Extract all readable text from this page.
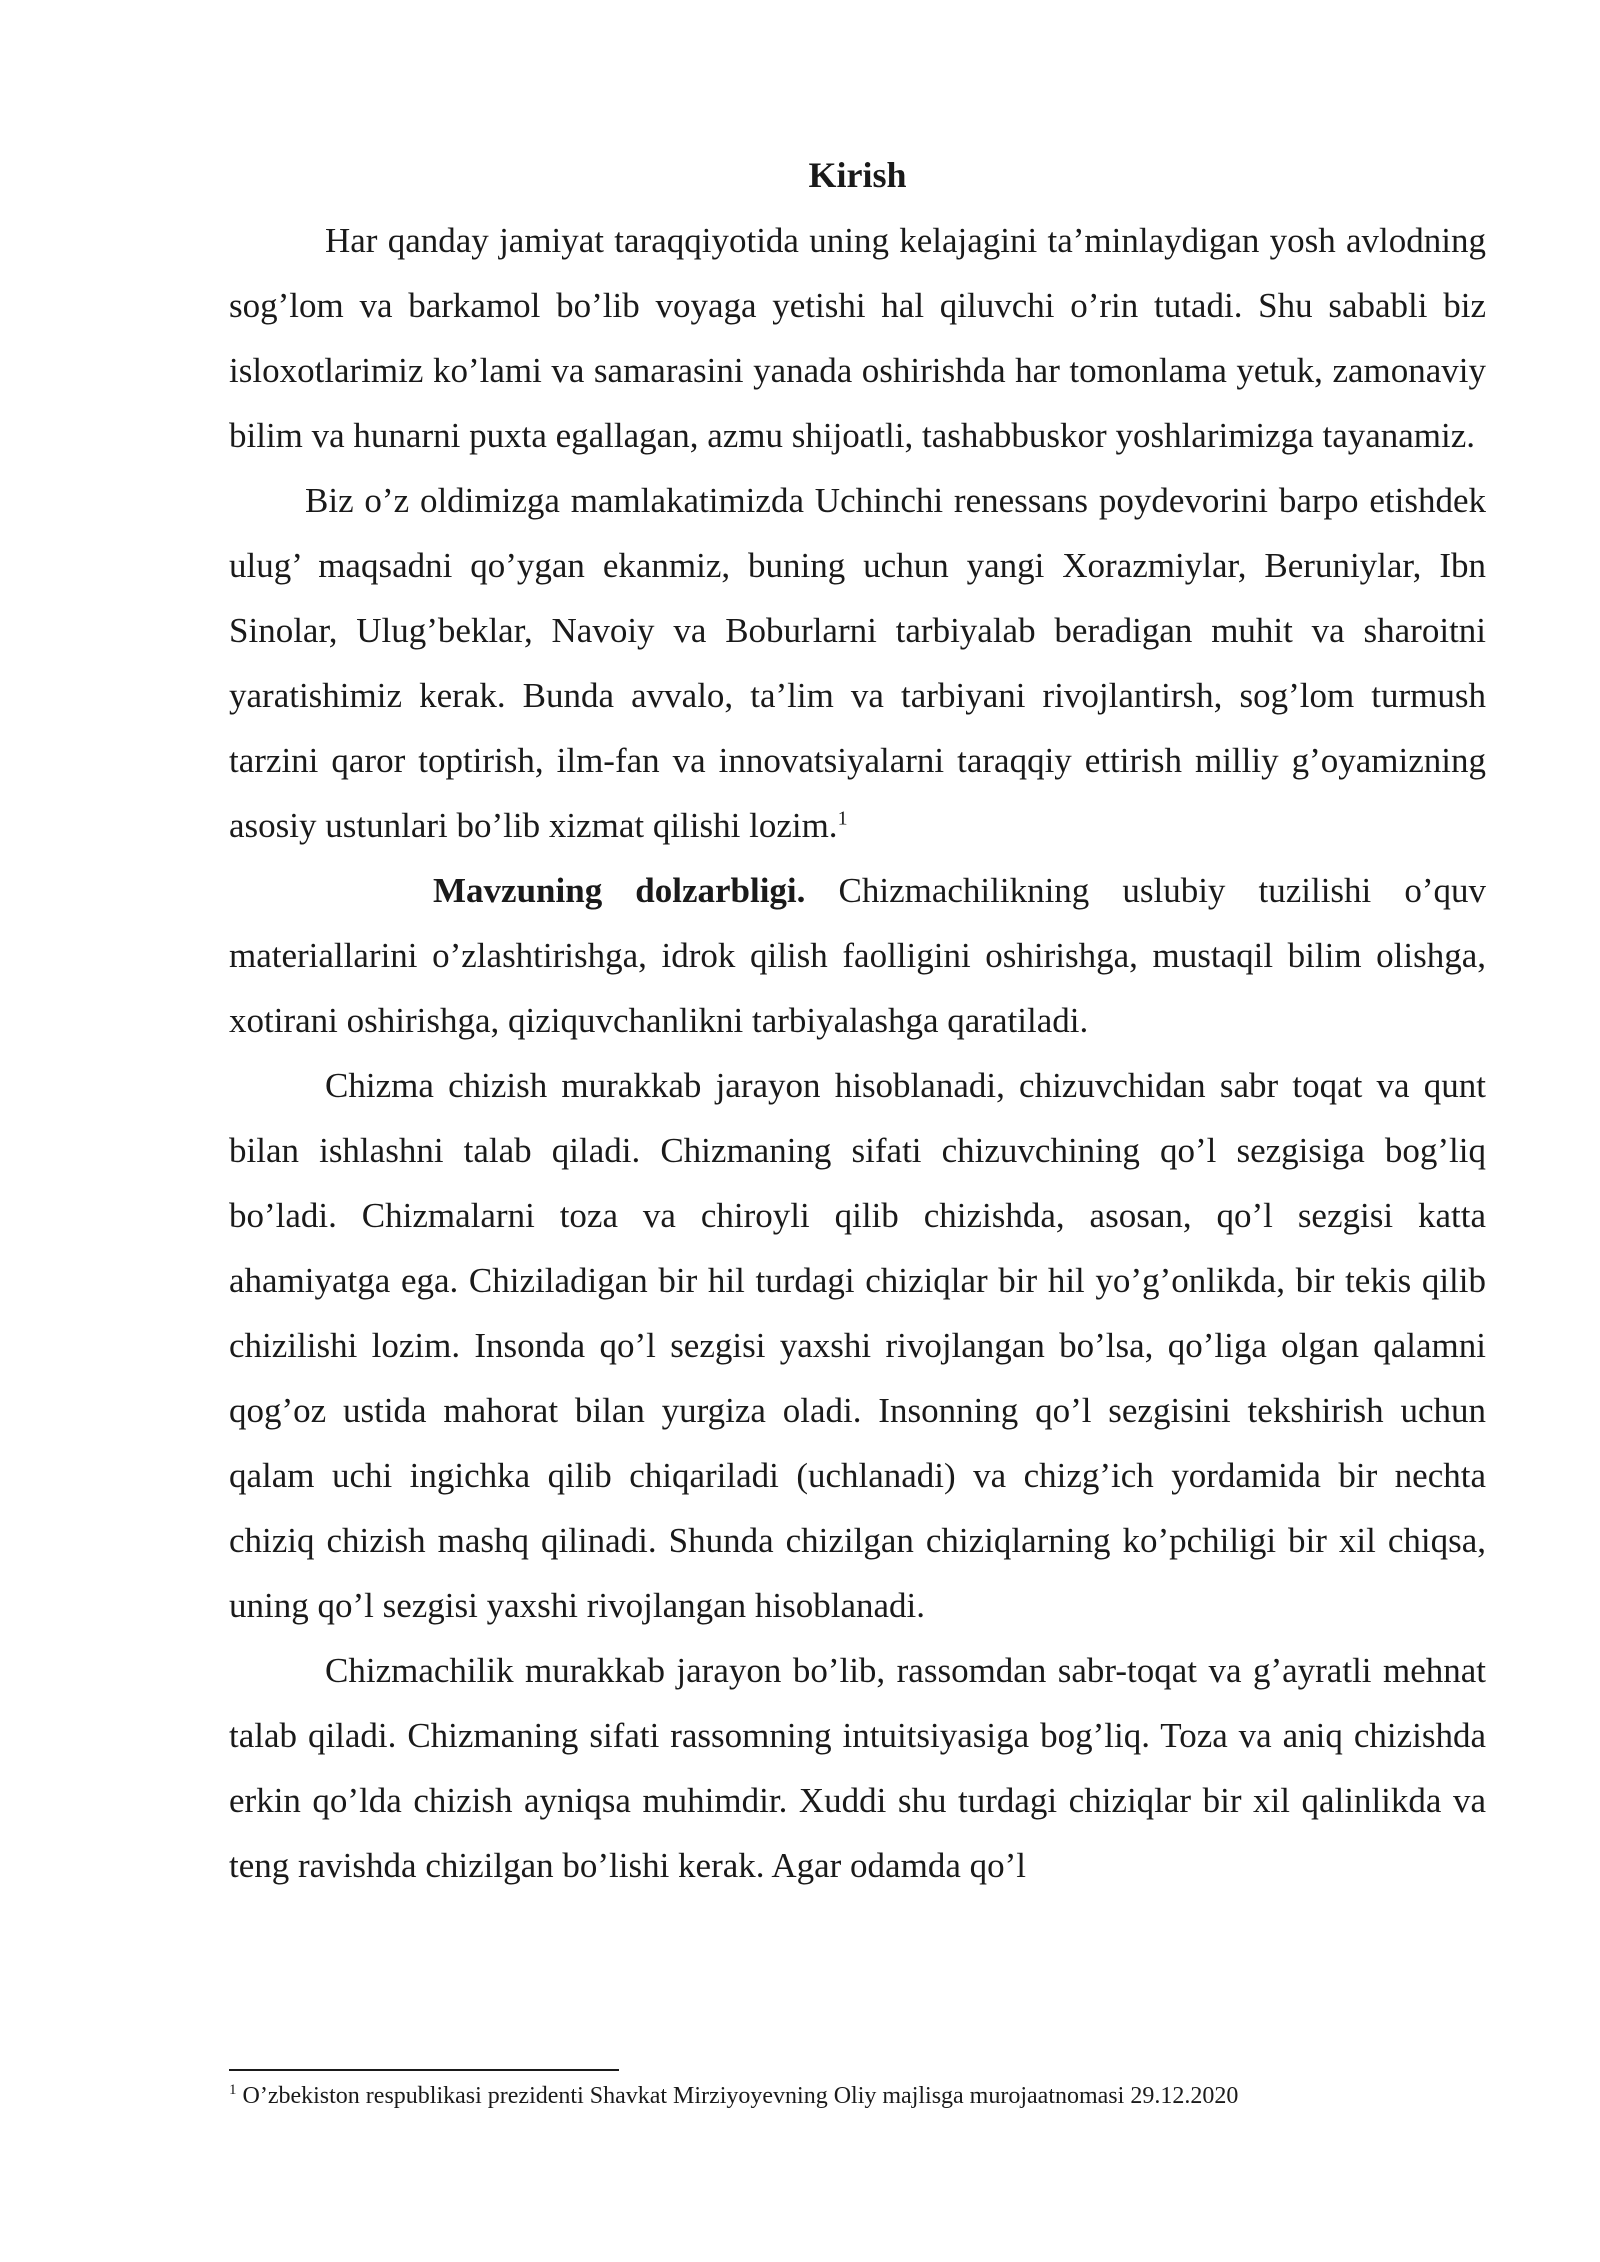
Kirish

Har qanday jamiyat taraqqiyotida uning kelajagini ta’minlaydigan yosh avlodning sog’lom va barkamol bo’lib voyaga yetishi hal qiluvchi o’rin tutadi. Shu sababli biz isloxotlarimiz ko’lami va samarasini yanada oshirishda har tomonlama yetuk, zamonaviy bilim va hunarni puxta egallagan, azmu shijoatli, tashabbuskor yoshlarimizga tayanamiz.

Biz o’z oldimizga mamlakatimizda Uchinchi renessans poydevorini barpo etishdek ulug’ maqsadni qo’ygan ekanmiz, buning uchun yangi Xorazmiylar, Beruniylar, Ibn Sinolar, Ulug’beklar, Navoiy va Boburlarni tarbiyalab beradigan muhit va sharoitni yaratishimiz kerak. Bunda avvalo, ta’lim va tarbiyani rivojlantirsh, sog’lom turmush tarzini qaror toptirish, ilm-fan va innovatsiyalarni taraqqiy ettirish milliy g’oyamizning asosiy ustunlari bo’lib xizmat qilishi lozim.$^1$

Mavzuning dolzarbligi. Chizmachilikning uslubiy tuzilishi o’quv materiallarini o’zlashtirishga, idrok qilish faolligini oshirishga, mustaqil bilim olishga, xotirani oshirishga, qiziquvchanlikni tarbiyalashga qaratiladi.

Chizma chizish murakkab jarayon hisoblanadi, chizuvchidan sabr toqat va qunt bilan ishlashni talab qiladi. Chizmaning sifati chizuvchining qo’l sezgisiga bog’liq bo’ladi. Chizmalarni toza va chiroyli qilib chizishda, asosan, qo’l sezgisi katta ahamiyatga ega. Chiziladigan bir hil turdagi chiziqlar bir hil yo’g’onlikda, bir tekis qilib chizilishi lozim. Insonda qo’l sezgisi yaxshi rivojlangan bo’lsa, qo’liga olgan qalamni qog’oz ustida mahorat bilan yurgiza oladi. Insonning qo’l sezgisini tekshirish uchun qalam uchi ingichka qilib chiqariladi (uchlanadi) va chizg’ich yordamida bir nechta chiziq chizish mashq qilinadi. Shunda chizilgan chiziqlarning ko’pchiligi bir xil chiqsa, uning qo’l sezgisi yaxshi rivojlangan hisoblanadi.

Chizmachilik murakkab jarayon bo’lib, rassomdan sabr-toqat va g’ayratli mehnat talab qiladi. Chizmaning sifati rassomning intuitsiyasiga bog’liq. Toza va aniq chizishda erkin qo’lda chizish ayniqsa muhimdir. Xuddi shu turdagi chiziqlar bir xil qalinlikda va teng ravishda chizilgan bo’lishi kerak. Agar odamda qo’l

$^1$ O’zbekiston respublikasi prezidenti Shavkat Mirziyoyevning Oliy majlisga murojaatnomasi 29.12.2020
